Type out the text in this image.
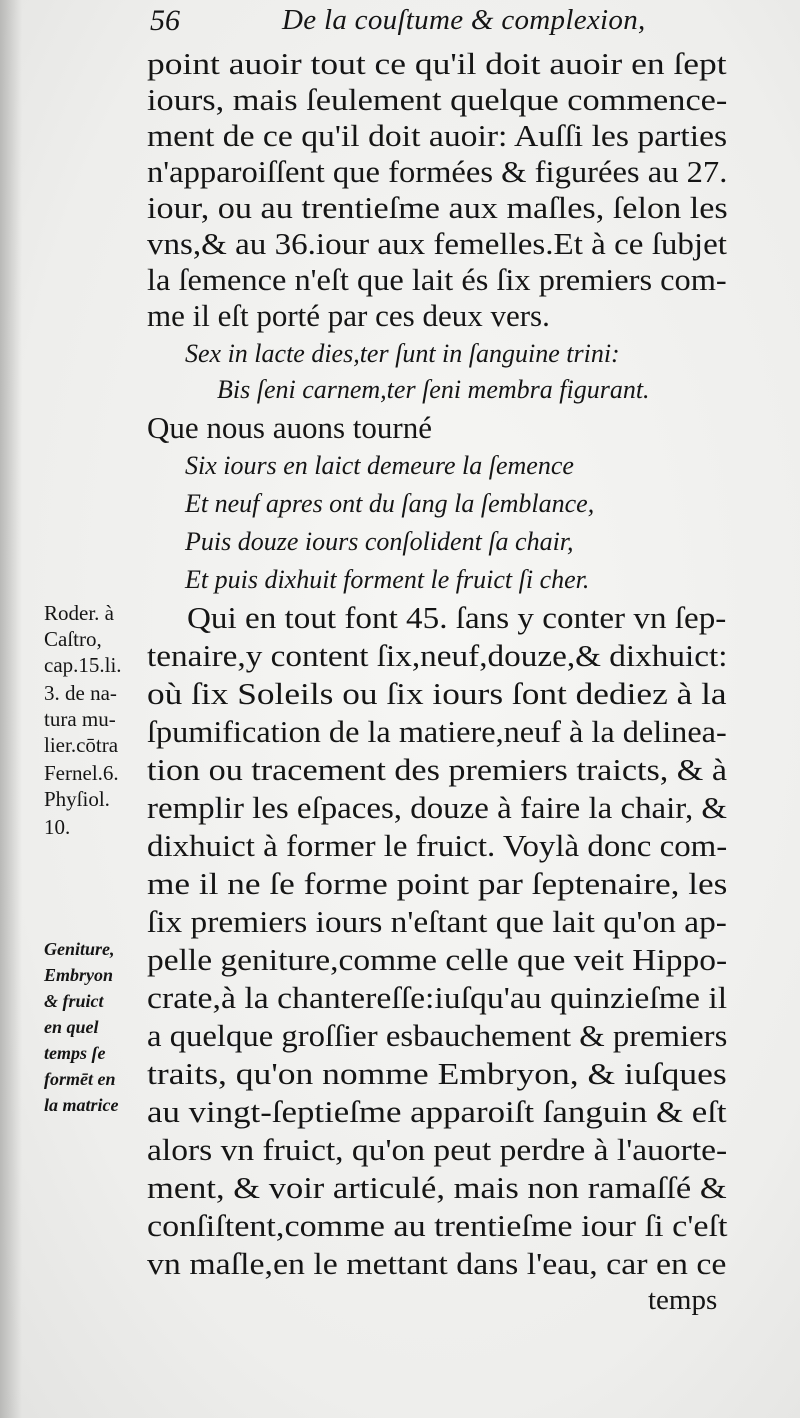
56	De la couſtume & complexion,
point auoir tout ce qu'il doit auoir en ſept
iours, mais ſeulement quelque commence-
ment de ce qu'il doit auoir: Auſſi les parties
n'apparoiſſent que formées & figurées au 27.
iour, ou au trentieſme aux maſles, ſelon les
vns,& au 36.iour aux femelles.Et à ce ſubjet
la ſemence n'eſt que lait és ſix premiers com-
me il eſt porté par ces deux vers.
Sex in lacte dies,ter ſunt in ſanguine trini:
Bis ſeni carnem,ter ſeni membra figurant.
Que nous auons tourné
Six iours en laict demeure la ſemence
Et neuf apres ont du ſang la ſemblance,
Puis douze iours conſolident ſa chair,
Et puis dixhuit forment le fruict ſi cher.
Qui en tout font 45. ſans y conter vn ſep-
tenaire,y content ſix,neuf,douze,& dixhuict:
où ſix Soleils ou ſix iours ſont dediez à la
ſpumification de la matiere,neuf à la delinea-
tion ou tracement des premiers traicts, & à
remplir les eſpaces, douze à faire la chair, &
dixhuict à former le fruict. Voylà donc com-
me il ne ſe forme point par ſeptenaire, les
ſix premiers iours n'eſtant que lait qu'on ap-
pelle geniture,comme celle que veit Hippo-
crate,à la chantereſſe:iuſqu'au quinzieſme il
a quelque groſſier esbauchement & premiers
traits, qu'on nomme Embryon, & iuſques
au vingt-ſeptieſme apparoiſt ſanguin & eſt
alors vn fruict, qu'on peut perdre à l'auorte-
ment, & voir articulé, mais non ramaſſé &
conſiſtent,comme au trentieſme iour ſi c'eſt
vn maſle,en le mettant dans l'eau, car en ce
Roder. à
Caſtro,
cap.15.li.
3. de na-
tura mu-
lier.cōtra
Fernel.6.
Phyſiol.
10.
Geniture,
Embryon
& fruict
en quel
temps ſe
formēt en
la matrice
temps
